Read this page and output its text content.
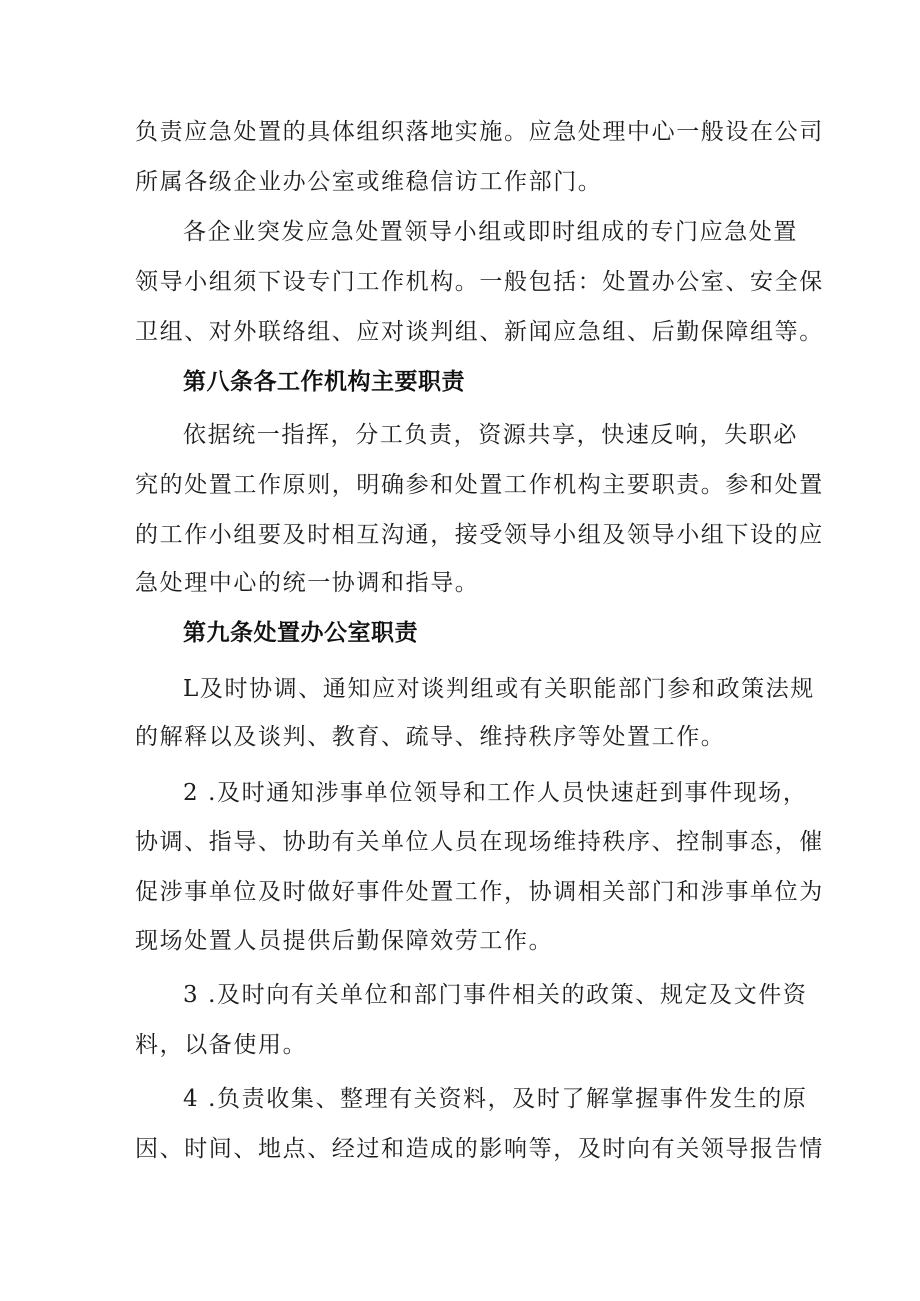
负责应急处置的具体组织落地实施。应急处理中心一般设在公司
所属各级企业办公室或维稳信访工作部门。
各企业突发应急处置领导小组或即时组成的专门应急处置
领导小组须下设专门工作机构。一般包括：处置办公室、安全保
卫组、对外联络组、应对谈判组、新闻应急组、后勤保障组等。
第八条各工作机构主要职责
依据统一指挥，分工负责，资源共享，快速反响，失职必
究的处置工作原则，明确参和处置工作机构主要职责。参和处置
的工作小组要及时相互沟通，接受领导小组及领导小组下设的应
急处理中心的统一协调和指导。
第九条处置办公室职责
L及时协调、通知应对谈判组或有关职能部门参和政策法规
的解释以及谈判、教育、疏导、维持秩序等处置工作。
2 .及时通知涉事单位领导和工作人员快速赶到事件现场，
协调、指导、协助有关单位人员在现场维持秩序、控制事态，催
促涉事单位及时做好事件处置工作，协调相关部门和涉事单位为
现场处置人员提供后勤保障效劳工作。
3 .及时向有关单位和部门事件相关的政策、规定及文件资
料，以备使用。
4 .负责收集、整理有关资料，及时了解掌握事件发生的原
因、时间、地点、经过和造成的影响等，及时向有关领导报告情
